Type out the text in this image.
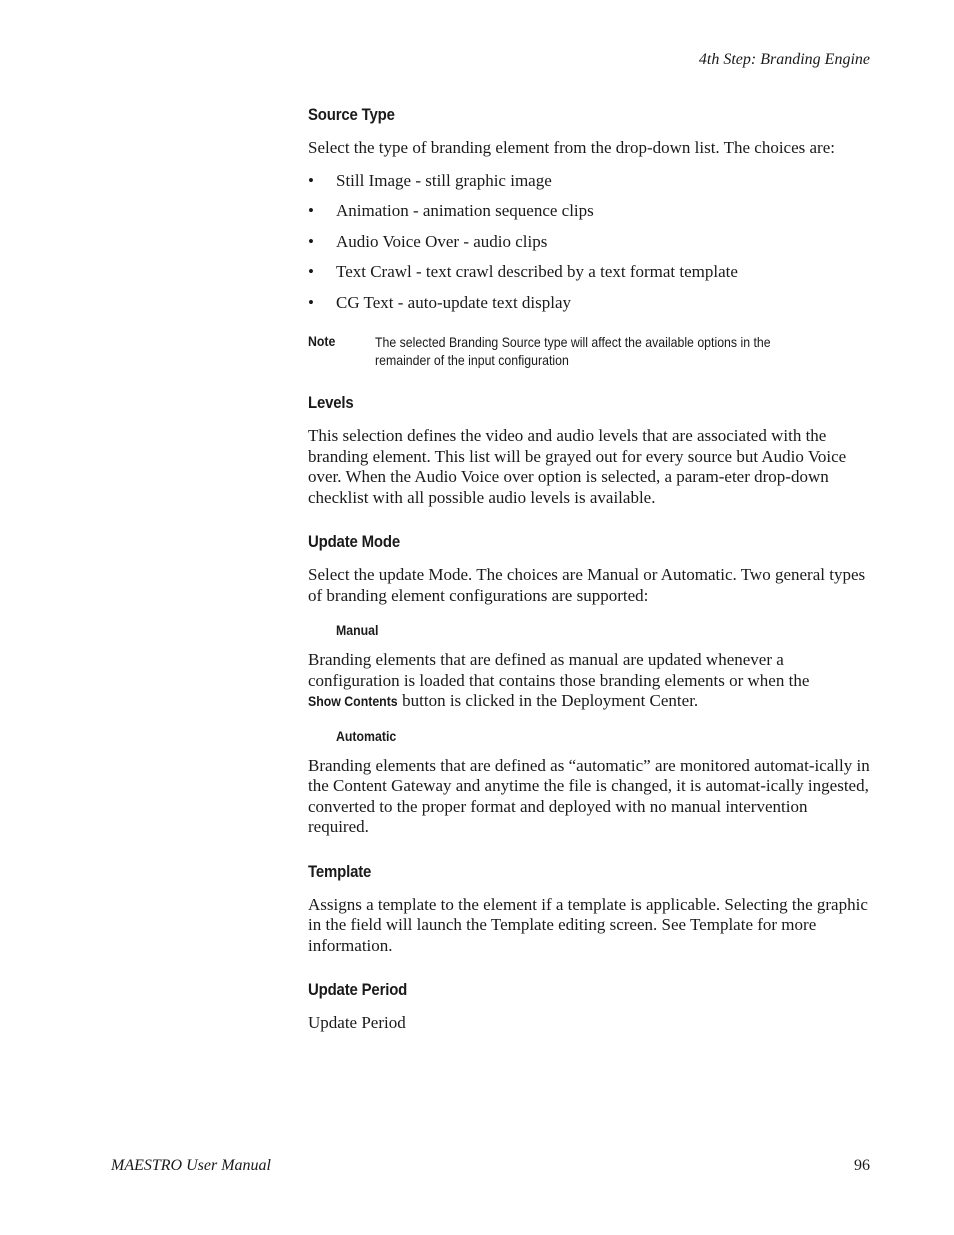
4th Step: Branding Engine
Source Type

Select the type of branding element from the drop-down list. The choices are:

• Still Image - still graphic image
• Animation - animation sequence clips
• Audio Voice Over - audio clips
• Text Crawl - text crawl described by a text format template
• CG Text - auto-update text display
Note	The selected Branding Source type will affect the available options in the remainder of the input configuration
Levels

This selection defines the video and audio levels that are associated with the branding element. This list will be grayed out for every source but Audio Voice over. When the Audio Voice over option is selected, a param-eter drop-down checklist with all possible audio levels is available.

Update Mode

Select the update Mode. The choices are Manual or Automatic. Two general types of branding element configurations are supported:

Manual

Branding elements that are defined as manual are updated whenever a configuration is loaded that contains those branding elements or when the Show Contents button is clicked in the Deployment Center.

Automatic

Branding elements that are defined as “automatic” are monitored automat-ically in the Content Gateway and anytime the file is changed, it is automat-ically ingested, converted to the proper format and deployed with no manual intervention required.

Template

Assigns a template to the element if a template is applicable. Selecting the graphic in the field will launch the Template editing screen. See Template for more information.

Update Period

Update Period

MAESTRO User Manual	96
